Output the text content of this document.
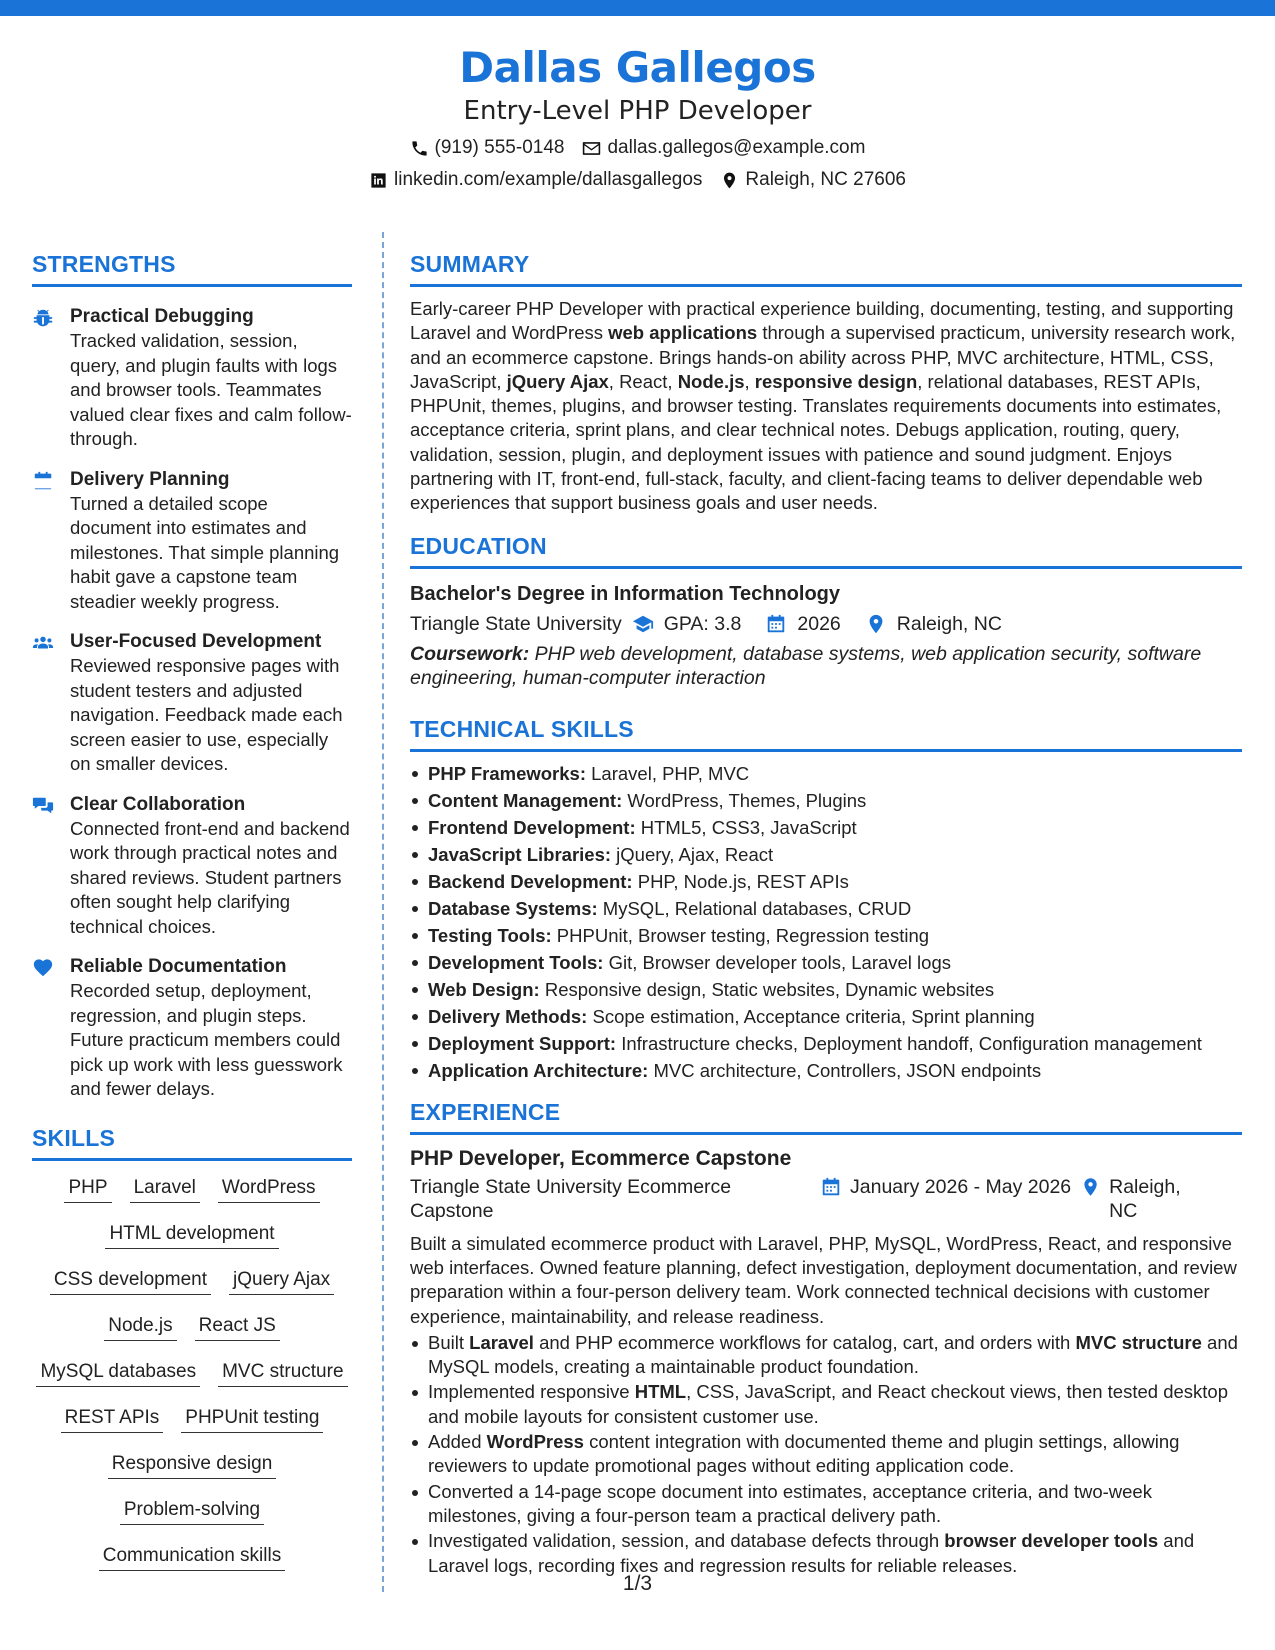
Dallas Gallegos
Entry-Level PHP Developer
(919) 555-0148 dallas.gallegos@example.com
linkedin.com/example/dallasgallegos Raleigh, NC 27606
STRENGTHS
Practical Debugging
Tracked validation, session, query, and plugin faults with logs and browser tools. Teammates valued clear fixes and calm follow-through.
Delivery Planning
Turned a detailed scope document into estimates and milestones. That simple planning habit gave a capstone team steadier weekly progress.
User-Focused Development
Reviewed responsive pages with student testers and adjusted navigation. Feedback made each screen easier to use, especially on smaller devices.
Clear Collaboration
Connected front-end and backend work through practical notes and shared reviews. Student partners often sought help clarifying technical choices.
Reliable Documentation
Recorded setup, deployment, regression, and plugin steps. Future practicum members could pick up work with less guesswork and fewer delays.
SKILLS
PHP Laravel WordPress
HTML development
CSS development jQuery Ajax
Node.js React JS
MySQL databases MVC structure
REST APIs PHPUnit testing
Responsive design
Problem-solving
Communication skills
SUMMARY
Early-career PHP Developer with practical experience building, documenting, testing, and supporting Laravel and WordPress web applications through a supervised practicum, university research work, and an ecommerce capstone. Brings hands-on ability across PHP, MVC architecture, HTML, CSS, JavaScript, jQuery Ajax, React, Node.js, responsive design, relational databases, REST APIs, PHPUnit, themes, plugins, and browser testing. Translates requirements documents into estimates, acceptance criteria, sprint plans, and clear technical notes. Debugs application, routing, query, validation, session, plugin, and deployment issues with patience and sound judgment. Enjoys partnering with IT, front-end, full-stack, faculty, and client-facing teams to deliver dependable web experiences that support business goals and user needs.
EDUCATION
Bachelor's Degree in Information Technology
Triangle State University GPA: 3.8	2026	Raleigh, NC
Coursework: PHP web development, database systems, web application security, software engineering, human-computer interaction
TECHNICAL SKILLS
PHP Frameworks: Laravel, PHP, MVC
Content Management: WordPress, Themes, Plugins
Frontend Development: HTML5, CSS3, JavaScript
JavaScript Libraries: jQuery, Ajax, React
Backend Development: PHP, Node.js, REST APIs
Database Systems: MySQL, Relational databases, CRUD
Testing Tools: PHPUnit, Browser testing, Regression testing
Development Tools: Git, Browser developer tools, Laravel logs
Web Design: Responsive design, Static websites, Dynamic websites
Delivery Methods: Scope estimation, Acceptance criteria, Sprint planning
Deployment Support: Infrastructure checks, Deployment handoff, Configuration management
Application Architecture: MVC architecture, Controllers, JSON endpoints
EXPERIENCE
PHP Developer, Ecommerce Capstone
Triangle State University Ecommerce Capstone
January 2026 - May 2026 Raleigh, NC
Built a simulated ecommerce product with Laravel, PHP, MySQL, WordPress, React, and responsive web interfaces. Owned feature planning, defect investigation, deployment documentation, and review preparation within a four-person delivery team. Work connected technical decisions with customer experience, maintainability, and release readiness.
Built Laravel and PHP ecommerce workflows for catalog, cart, and orders with MVC structure and MySQL models, creating a maintainable product foundation.
Implemented responsive HTML, CSS, JavaScript, and React checkout views, then tested desktop and mobile layouts for consistent customer use.
Added WordPress content integration with documented theme and plugin settings, allowing reviewers to update promotional pages without editing application code.
Converted a 14-page scope document into estimates, acceptance criteria, and two-week milestones, giving a four-person team a practical delivery path.
Investigated validation, session, and database defects through browser developer tools and Laravel logs, recording fixes and regression results for reliable releases.
1/3
